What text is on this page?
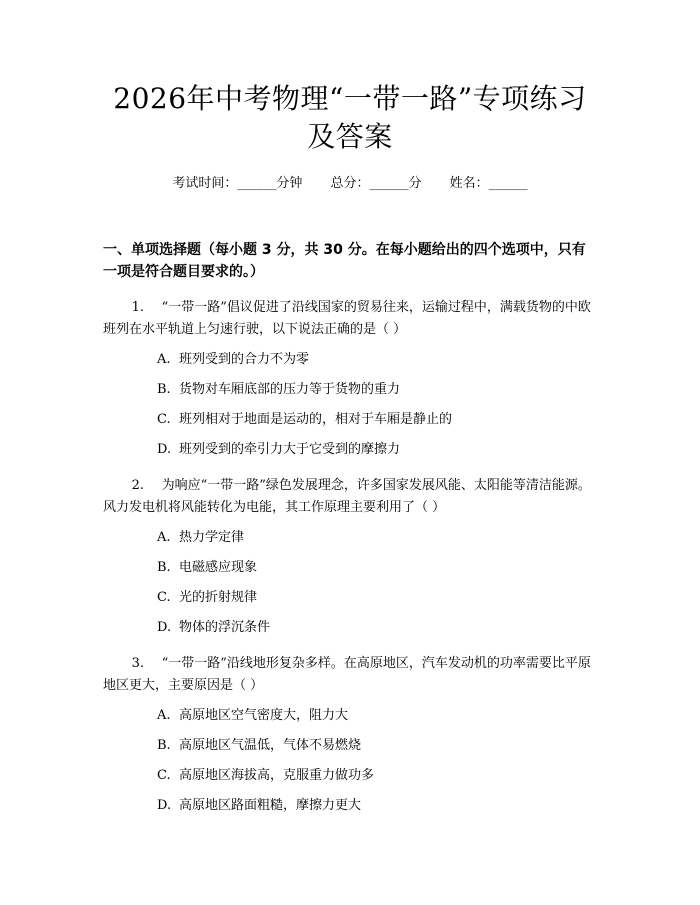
2026年中考物理“一带一路”专项练习及答案
考试时间：______分钟 总分：______分 姓名：______
一、单项选择题（每小题 3 分，共 30 分。在每小题给出的四个选项中，只有一项是符合题目要求的。）
1. “一带一路”倡议促进了沿线国家的贸易往来，运输过程中，满载货物的中欧班列在水平轨道上匀速行驶，以下说法正确的是（ ）
A. 班列受到的合力不为零
B. 货物对车厢底部的压力等于货物的重力
C. 班列相对于地面是运动的，相对于车厢是静止的
D. 班列受到的牵引力大于它受到的摩擦力
2. 为响应“一带一路”绿色发展理念，许多国家发展风能、太阳能等清洁能源。风力发电机将风能转化为电能，其工作原理主要利用了（ ）
A. 热力学定律
B. 电磁感应现象
C. 光的折射规律
D. 物体的浮沉条件
3. “一带一路”沿线地形复杂多样。在高原地区，汽车发动机的功率需要比平原地区更大，主要原因是（ ）
A. 高原地区空气密度大，阻力大
B. 高原地区气温低，气体不易燃烧
C. 高原地区海拔高，克服重力做功多
D. 高原地区路面粗糙，摩擦力更大
